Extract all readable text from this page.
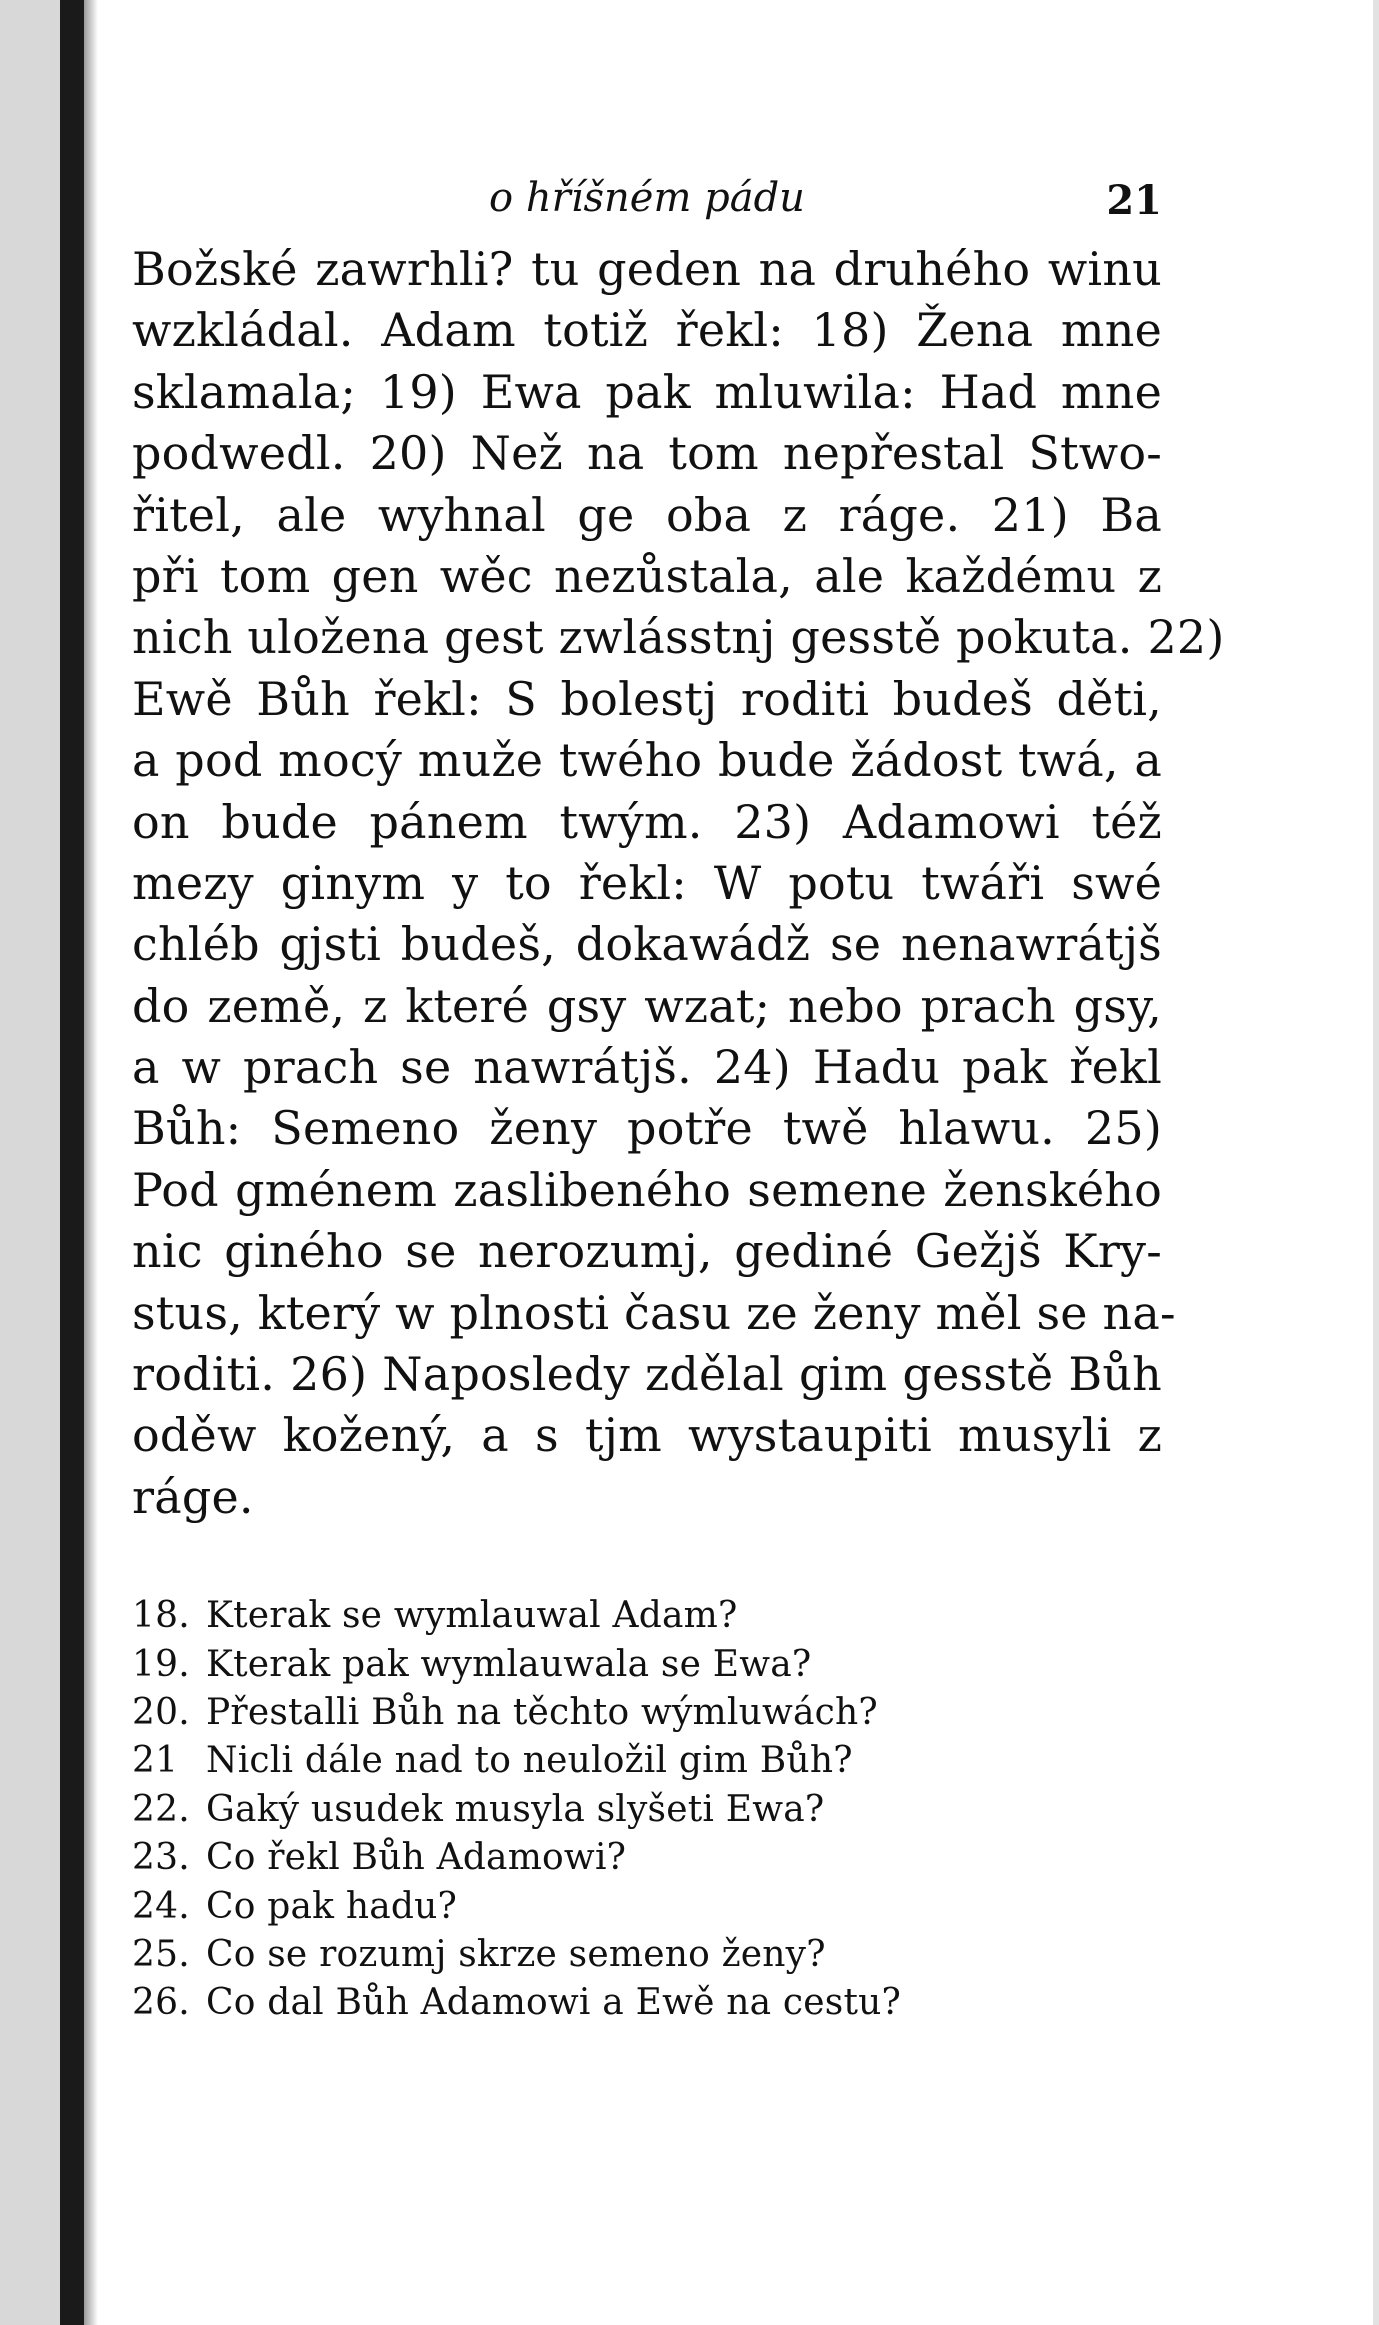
o hříšném pádu	21
Božské zawrhli? tu geden na druhého winu
wzkládal. Adam totiž řekl: 18) Žena mne
sklamala; 19) Ewa pak mluwila: Had mne
podwedl. 20) Než na tom nepřestal Stwo-
řitel, ale wyhnal ge oba z ráge. 21) Ba
při tom gen wěc nezůstala, ale každému z
nich uložena gest zwlásstnj gesstě pokuta. 22)
Ewě Bůh řekl: S bolestj roditi budeš děti,
a pod mocý muže twého bude žádost twá, a
on bude pánem twým. 23) Adamowi též
mezy ginym y to řekl: W potu twáři swé
chléb gjsti budeš, dokawádž se nenawrátjš
do země, z které gsy wzat; nebo prach gsy,
a w prach se nawrátjš. 24) Hadu pak řekl
Bůh: Semeno ženy potře twě hlawu. 25)
Pod gménem zaslibeného semene ženského
nic giného se nerozumj, gediné Gežjš Kry-
stus, který w plnosti času ze ženy měl se na-
roditi. 26) Naposledy zdělal gim gesstě Bůh
oděw kožený, a s tjm wystaupiti musyli z
ráge.
18. Kterak se wymlauwal Adam?
19. Kterak pak wymlauwala se Ewa?
20. Přestalli Bůh na těchto wýmluwách?
21 Nicli dále nad to neuložil gim Bůh?
22. Gaký usudek musyla slyšeti Ewa?
23. Co řekl Bůh Adamowi?
24. Co pak hadu?
25. Co se rozumj skrze semeno ženy?
26. Co dal Bůh Adamowi a Ewě na cestu?
